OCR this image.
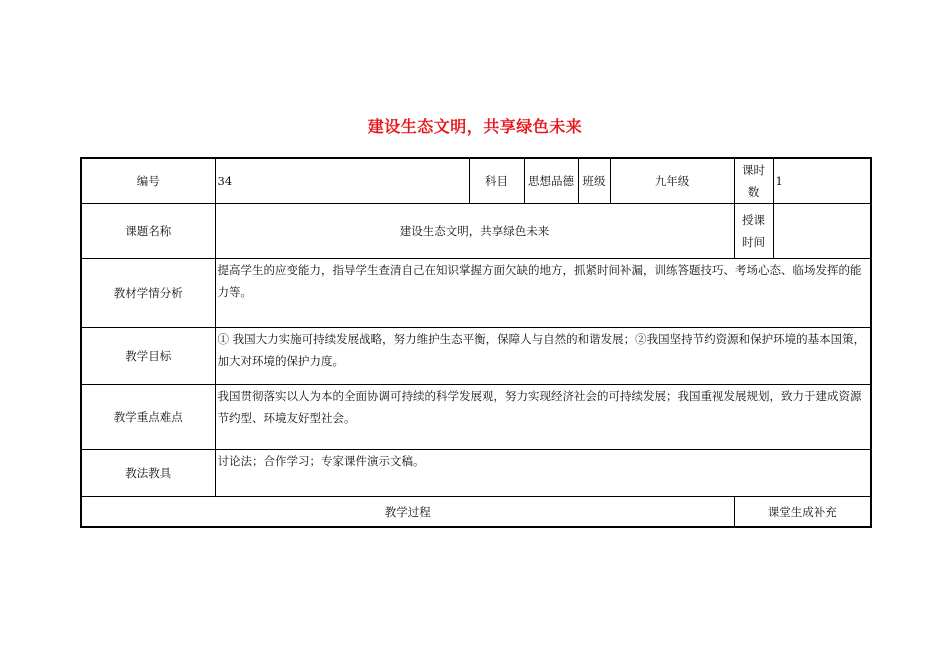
建设生态文明，共享绿色未来
编号	34	科目	思想品德	班级	九年级	课时数	1
课题名称	建设生态文明，共享绿色未来					授课时间	
教材学情分析	提高学生的应变能力，指导学生查清自己在知识掌握方面欠缺的地方，抓紧时间补漏，训练答题技巧、考场心态、临场发挥的能力等。						
教学目标	① 我国大力实施可持续发展战略，努力维护生态平衡，保障人与自然的和谐发展；②我国坚持节约资源和保护环境的基本国策，加大对环境的保护力度。						
教学重点难点	我国贯彻落实以人为本的全面协调可持续的科学发展观，努力实现经济社会的可持续发展；我国重视发展规划，致力于建成资源节约型、环境友好型社会。						
教法教具	讨论法；合作学习；专家课件演示文稿。						
教学过程						课堂生成补充	
